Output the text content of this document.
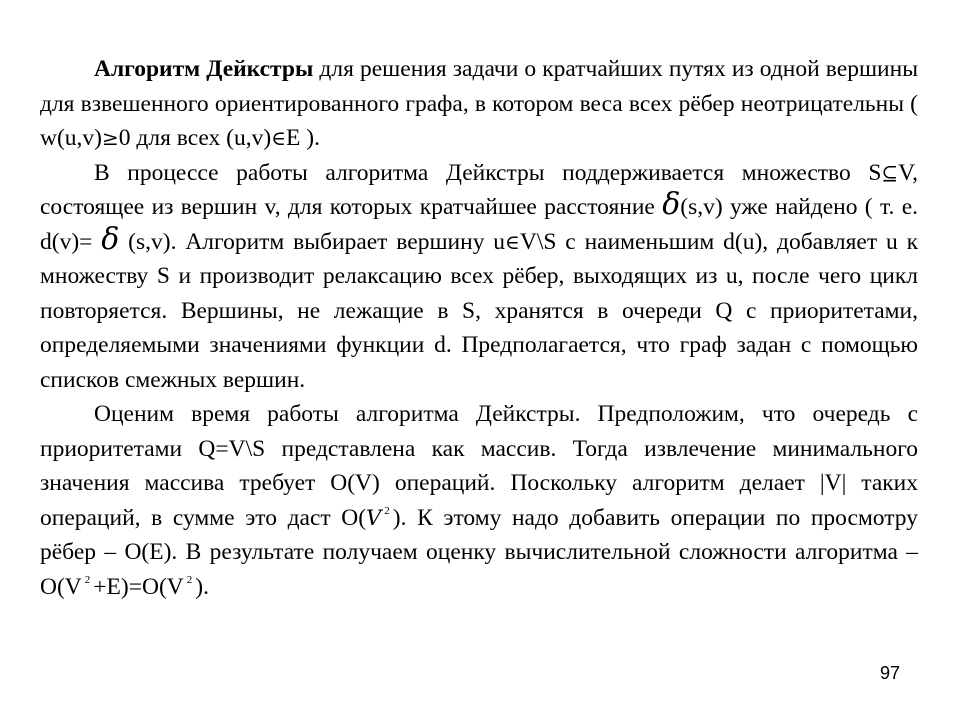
Алгоритм Дейкстры для решения задачи о кратчайших путях из одной вершины для взвешенного ориентированного графа, в котором веса всех рёбер неотрицательны ( w(u,v)≥0 для всех (u,v)∈E ).

В процессе работы алгоритма Дейкстры поддерживается множество S⊆V, состоящее из вершин v, для которых кратчайшее расстояние δ(s,v) уже найдено ( т. е. d(v)= δ (s,v). Алгоритм выбирает вершину u∈V\S с наименьшим d(u), добавляет u к множеству S и производит релаксацию всех рёбер, выходящих из u, после чего цикл повторяется. Вершины, не лежащие в S, хранятся в очереди Q с приоритетами, определяемыми значениями функции d. Предполагается, что граф задан с помощью списков смежных вершин.

Оценим время работы алгоритма Дейкстры. Предположим, что очередь с приоритетами Q=V\S представлена как массив. Тогда извлечение минимального значения массива требует O(V) операций. Поскольку алгоритм делает |V| таких операций, в сумме это даст O(V $^2$ ). К этому надо добавить операции по просмотру рёбер – O(E). В результате получаем оценку вычислительной сложности алгоритма – O(V $^2$ +E)=O(V $^2$ ).

97
